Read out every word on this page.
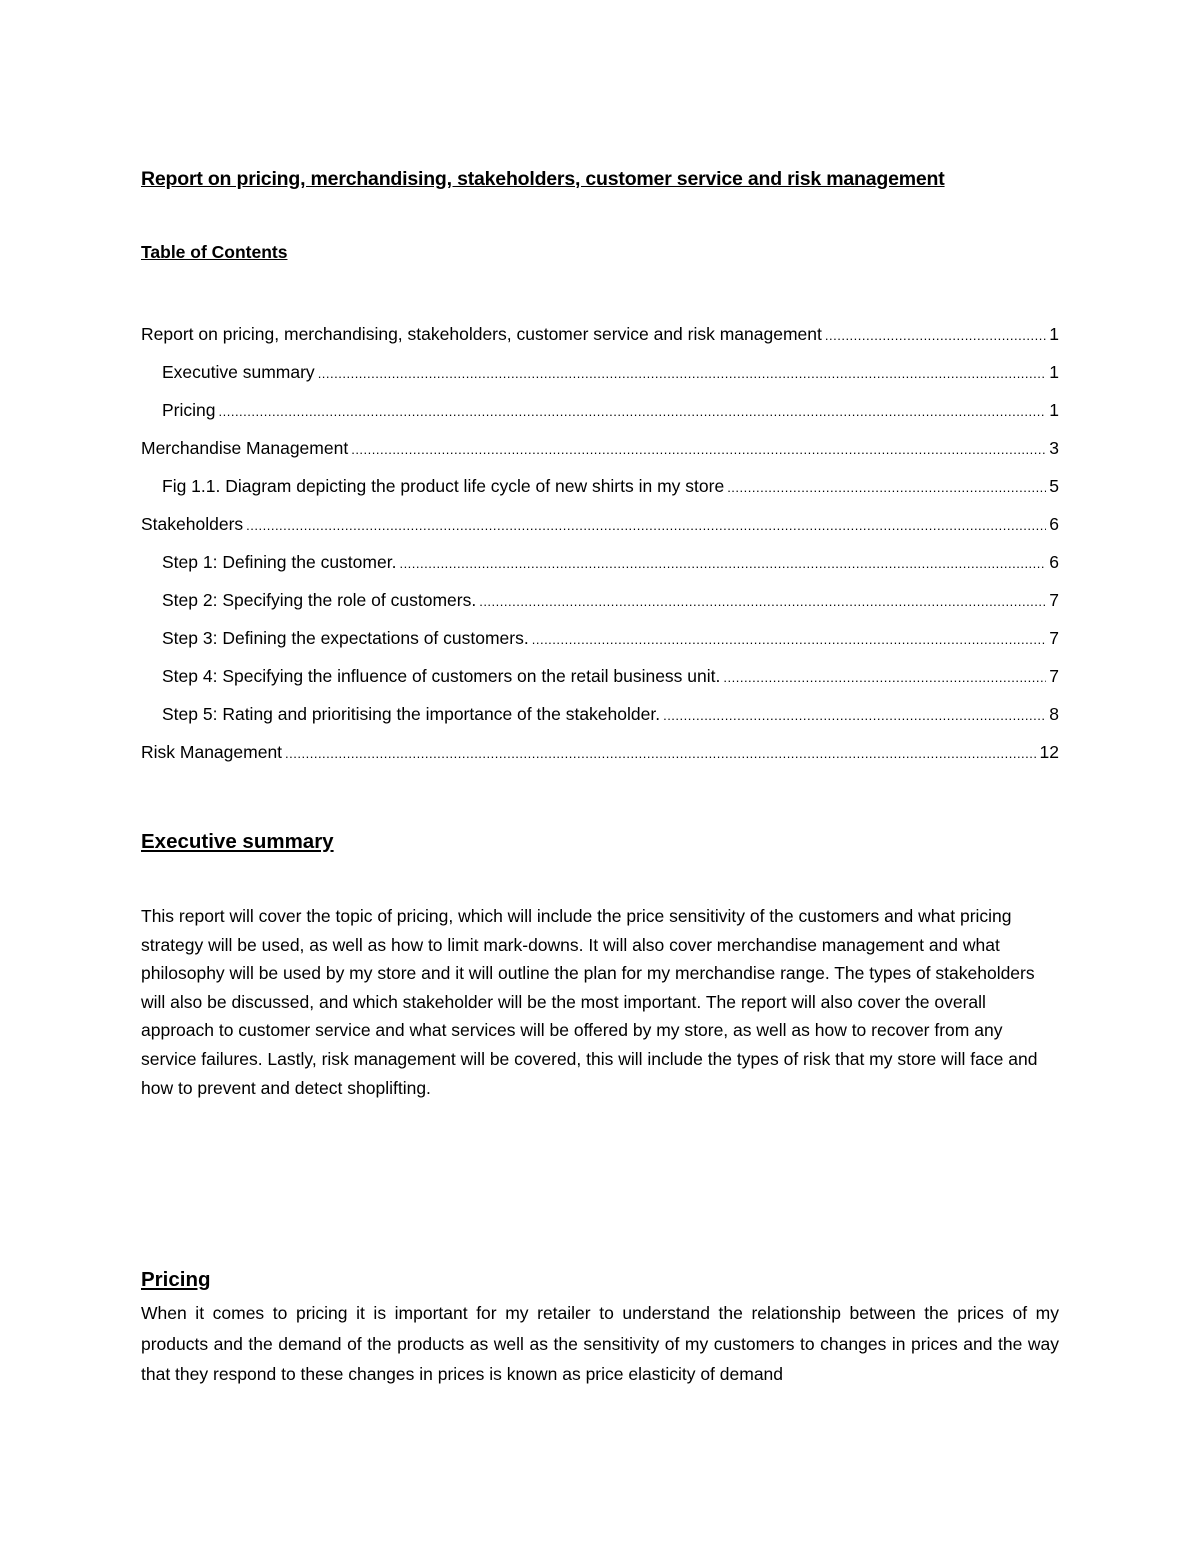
Report on pricing, merchandising, stakeholders, customer service and risk management
Table of Contents
Report on pricing, merchandising, stakeholders, customer service and risk management .....	1
Executive summary .....	1
Pricing .....	1
Merchandise Management .....	3
Fig 1.1. Diagram depicting the product life cycle of new shirts in my store .....	5
Stakeholders .....	6
Step 1: Defining the customer. .....	6
Step 2: Specifying the role of customers. .....	7
Step 3: Defining the expectations of customers. .....	7
Step 4: Specifying the influence of customers on the retail business unit. .....	7
Step 5: Rating and prioritising the importance of the stakeholder. .....	8
Risk Management .....	12
Executive summary

This report will cover the topic of pricing, which will include the price sensitivity of the customers and what pricing strategy will be used, as well as how to limit mark-downs. It will also cover merchandise management and what philosophy will be used by my store and it will outline the plan for my merchandise range. The types of stakeholders will also be discussed, and which stakeholder will be the most important. The report will also cover the overall approach to customer service and what services will be offered by my store, as well as how to recover from any service failures. Lastly, risk management will be covered, this will include the types of risk that my store will face and how to prevent and detect shoplifting.

Pricing

When it comes to pricing it is important for my retailer to understand the relationship between the prices of my products and the demand of the products as well as the sensitivity of my customers to changes in prices and the way that they respond to these changes in prices is known as price elasticity of demand
